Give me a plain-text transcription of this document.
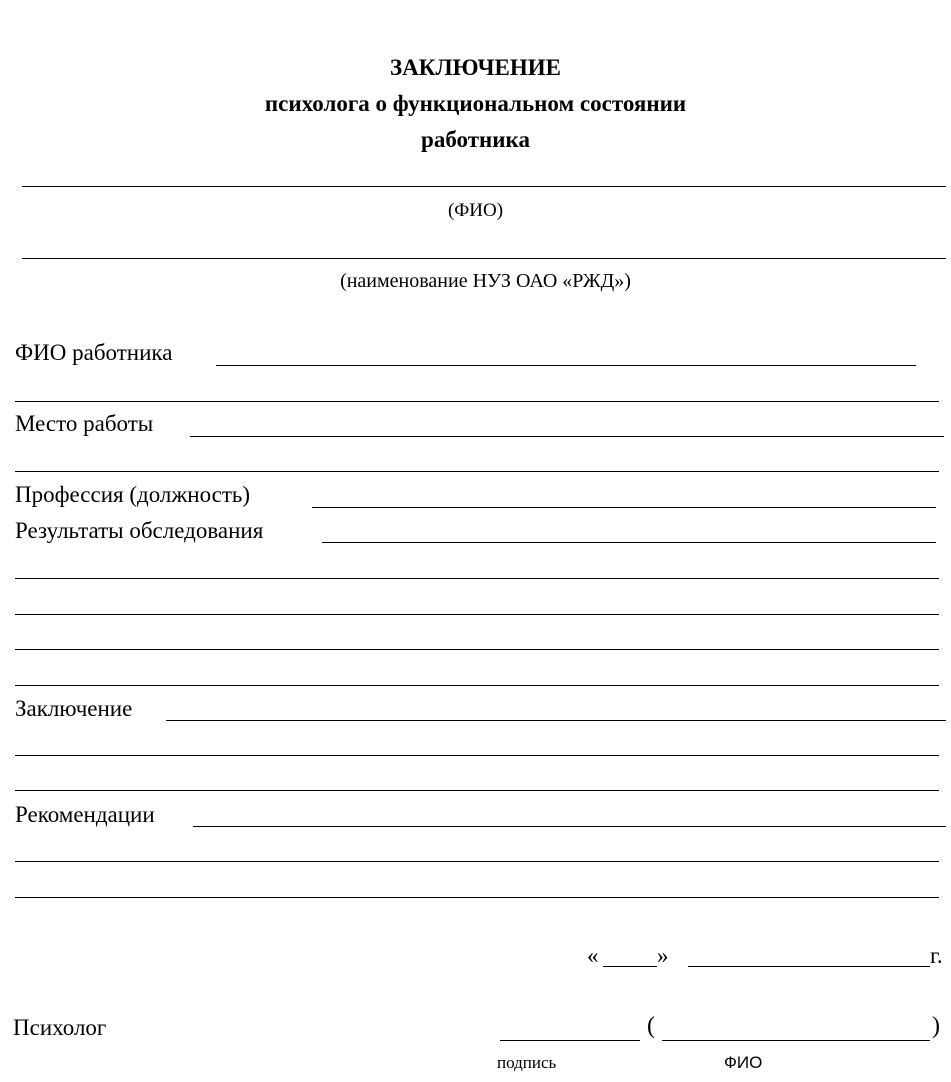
ЗАКЛЮЧЕНИЕ
психолога о функциональном состоянии
работника
(ФИО)
(наименование НУЗ ОАО «РЖД»)
ФИО работника
Место работы
Профессия (должность)
Результаты обследования
Заключение
Рекомендации
«	»	г.
Психолог	(	)
подпись	ФИО
